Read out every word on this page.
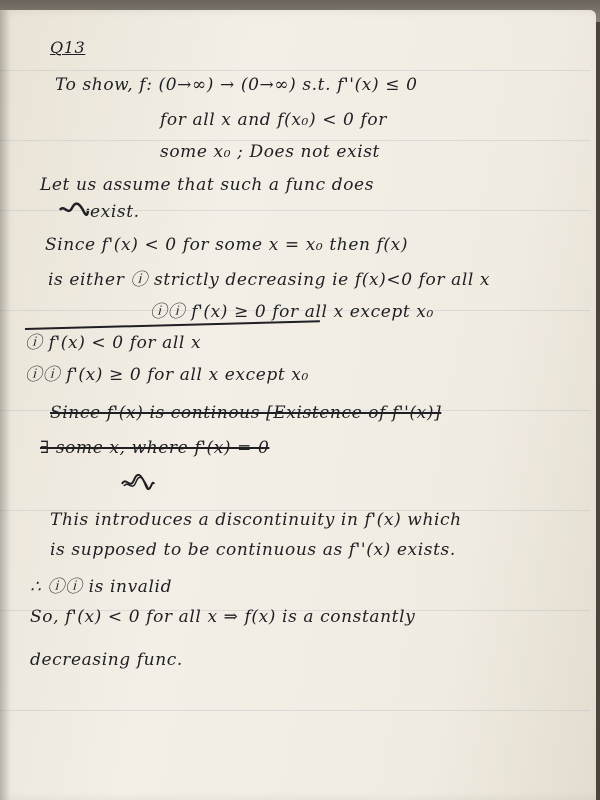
Q13
To show, f: (0→∞) → (0→∞) s.t. f''(x) ≤ 0
for all x and f(x₀) < 0 for
some x₀ ; Does not exist
Let us assume that such a func does
exist.
Since f'(x) < 0 for some x = x₀ then f(x)
is either ⓘ strictly decreasing ie f(x)<0 for all x
ⓘⓘ f'(x) ≥ 0 for all x except x₀
ⓘ f'(x) < 0 for all x
ⓘⓘ f'(x) ≥ 0 for all x except x₀
Since f'(x) is continous [Existence of f''(x)]
∃ some x, where f'(x) = 0
This introduces a discontinuity in f'(x) which
is supposed to be continuous as f''(x) exists.
∴ ⓘⓘ is invalid
So, f'(x) < 0 for all x ⇒ f(x) is a constantly
decreasing func.
